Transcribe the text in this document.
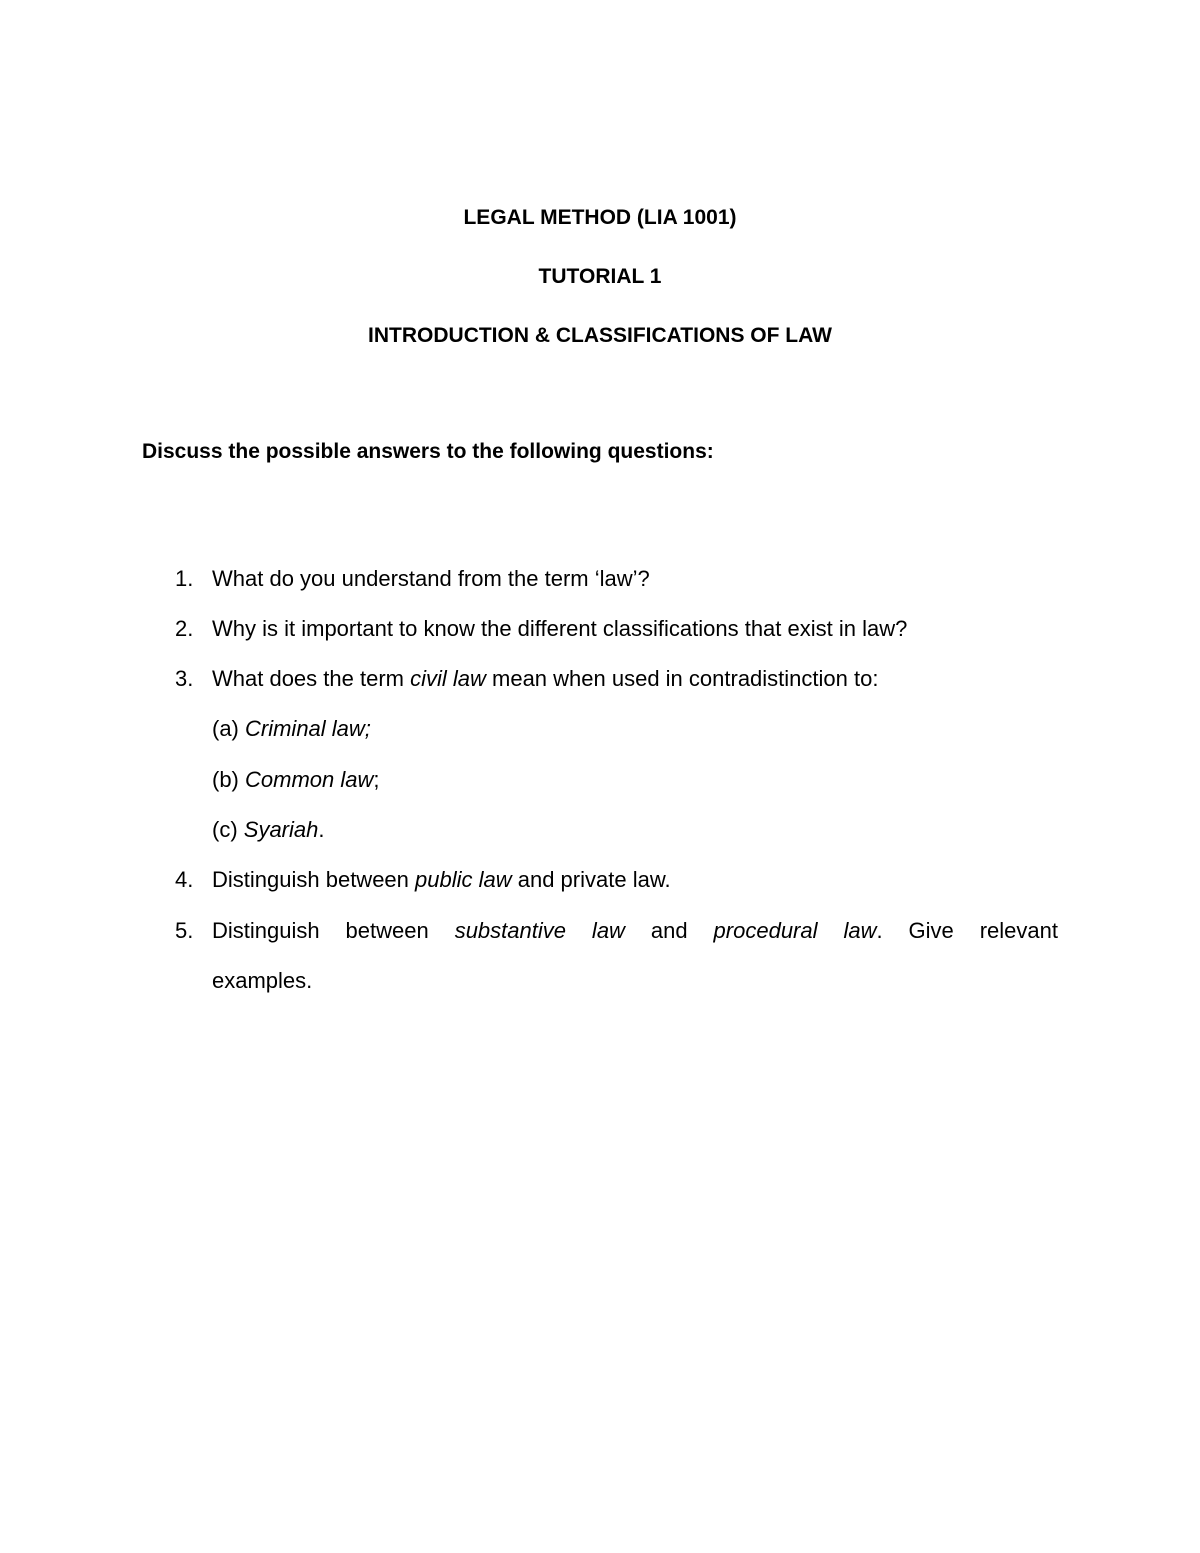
LEGAL METHOD (LIA 1001)
TUTORIAL 1
INTRODUCTION & CLASSIFICATIONS OF LAW
Discuss the possible answers to the following questions:
1. What do you understand from the term ‘law’?
2. Why is it important to know the different classifications that exist in law?
3. What does the term civil law mean when used in contradistinction to:
(a) Criminal law;
(b) Common law;
(c) Syariah.
4. Distinguish between public law and private law.
5. Distinguish between substantive law and procedural law. Give relevant
examples.
